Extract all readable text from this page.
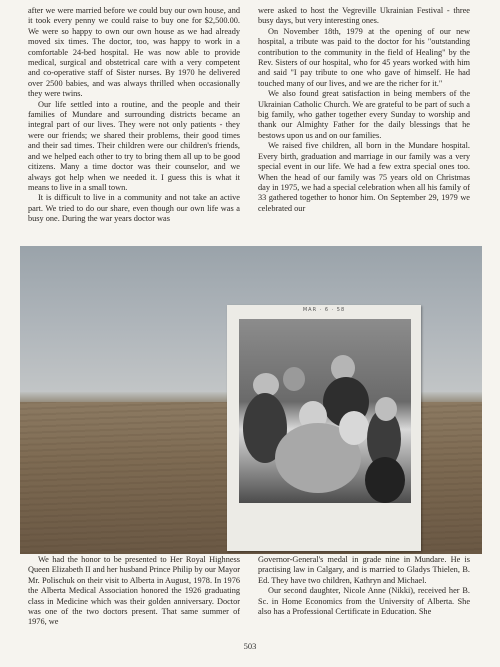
after we were married before we could buy our own house, and it took every penny we could raise to buy one for $2,500.00. We were so happy to own our own house as we had already moved six times. The doctor, too, was happy to work in a comfortable 24-bed hospital. He was now able to provide medical, surgical and obstetrical care with a very competent and co-operative staff of Sister nurses. By 1970 he delivered over 2500 babies, and was always thrilled when occasionally they were twins.

Our life settled into a routine, and the people and their families of Mundare and surrounding districts became an integral part of our lives. They were not only patients - they were our friends; we shared their problems, their good times and their sad times. Their children were our children's friends, and we helped each other to try to bring them all up to be good citizens. Many a time doctor was their counselor, and we always got help when we needed it. I guess this is what it means to live in a small town.

It is difficult to live in a community and not take an active part. We tried to do our share, even though our own life was a busy one. During the war years doctor was

were asked to host the Vegreville Ukrainian Festival - three busy days, but very interesting ones.

On November 18th, 1979 at the opening of our new hospital, a tribute was paid to the doctor for his "outstanding contribution to the community in the field of Healing" by the Rev. Sisters of our hospital, who for 45 years worked with him and said "I pay tribute to one who gave of himself. He had touched many of our lives, and we are the richer for it."

We also found great satisfaction in being members of the Ukrainian Catholic Church. We are grateful to be part of such a big family, who gather together every Sunday to worship and thank our Almighty Father for the daily blessings that he bestows upon us and on our families.

We raised five children, all born in the Mundare hospital. Every birth, graduation and marriage in our family was a very special event in our life. We had a few extra special ones too. When the head of our family was 75 years old on Christmas day in 1975, we had a special celebration when all his family of 33 gathered together to honor him. On September 29, 1979 we celebrated our

MAR · 6 · 58

We had the honor to be presented to Her Royal Highness Queen Elizabeth II and her husband Prince Philip by our Mayor Mr. Polischuk on their visit to Alberta in August, 1978. In 1976 the Alberta Medical Association honored the 1926 graduating class in Medicine which was their golden anniversary. Doctor was one of the two doctors present. That same summer of 1976, we

Governor-General's medal in grade nine in Mundare. He is practising law in Calgary, and is married to Gladys Thielen, B. Ed. They have two children, Kathryn and Michael.

Our second daughter, Nicole Anne (Nikki), received her B. Sc. in Home Economics from the University of Alberta. She also has a Professional Certificate in Education. She

503
